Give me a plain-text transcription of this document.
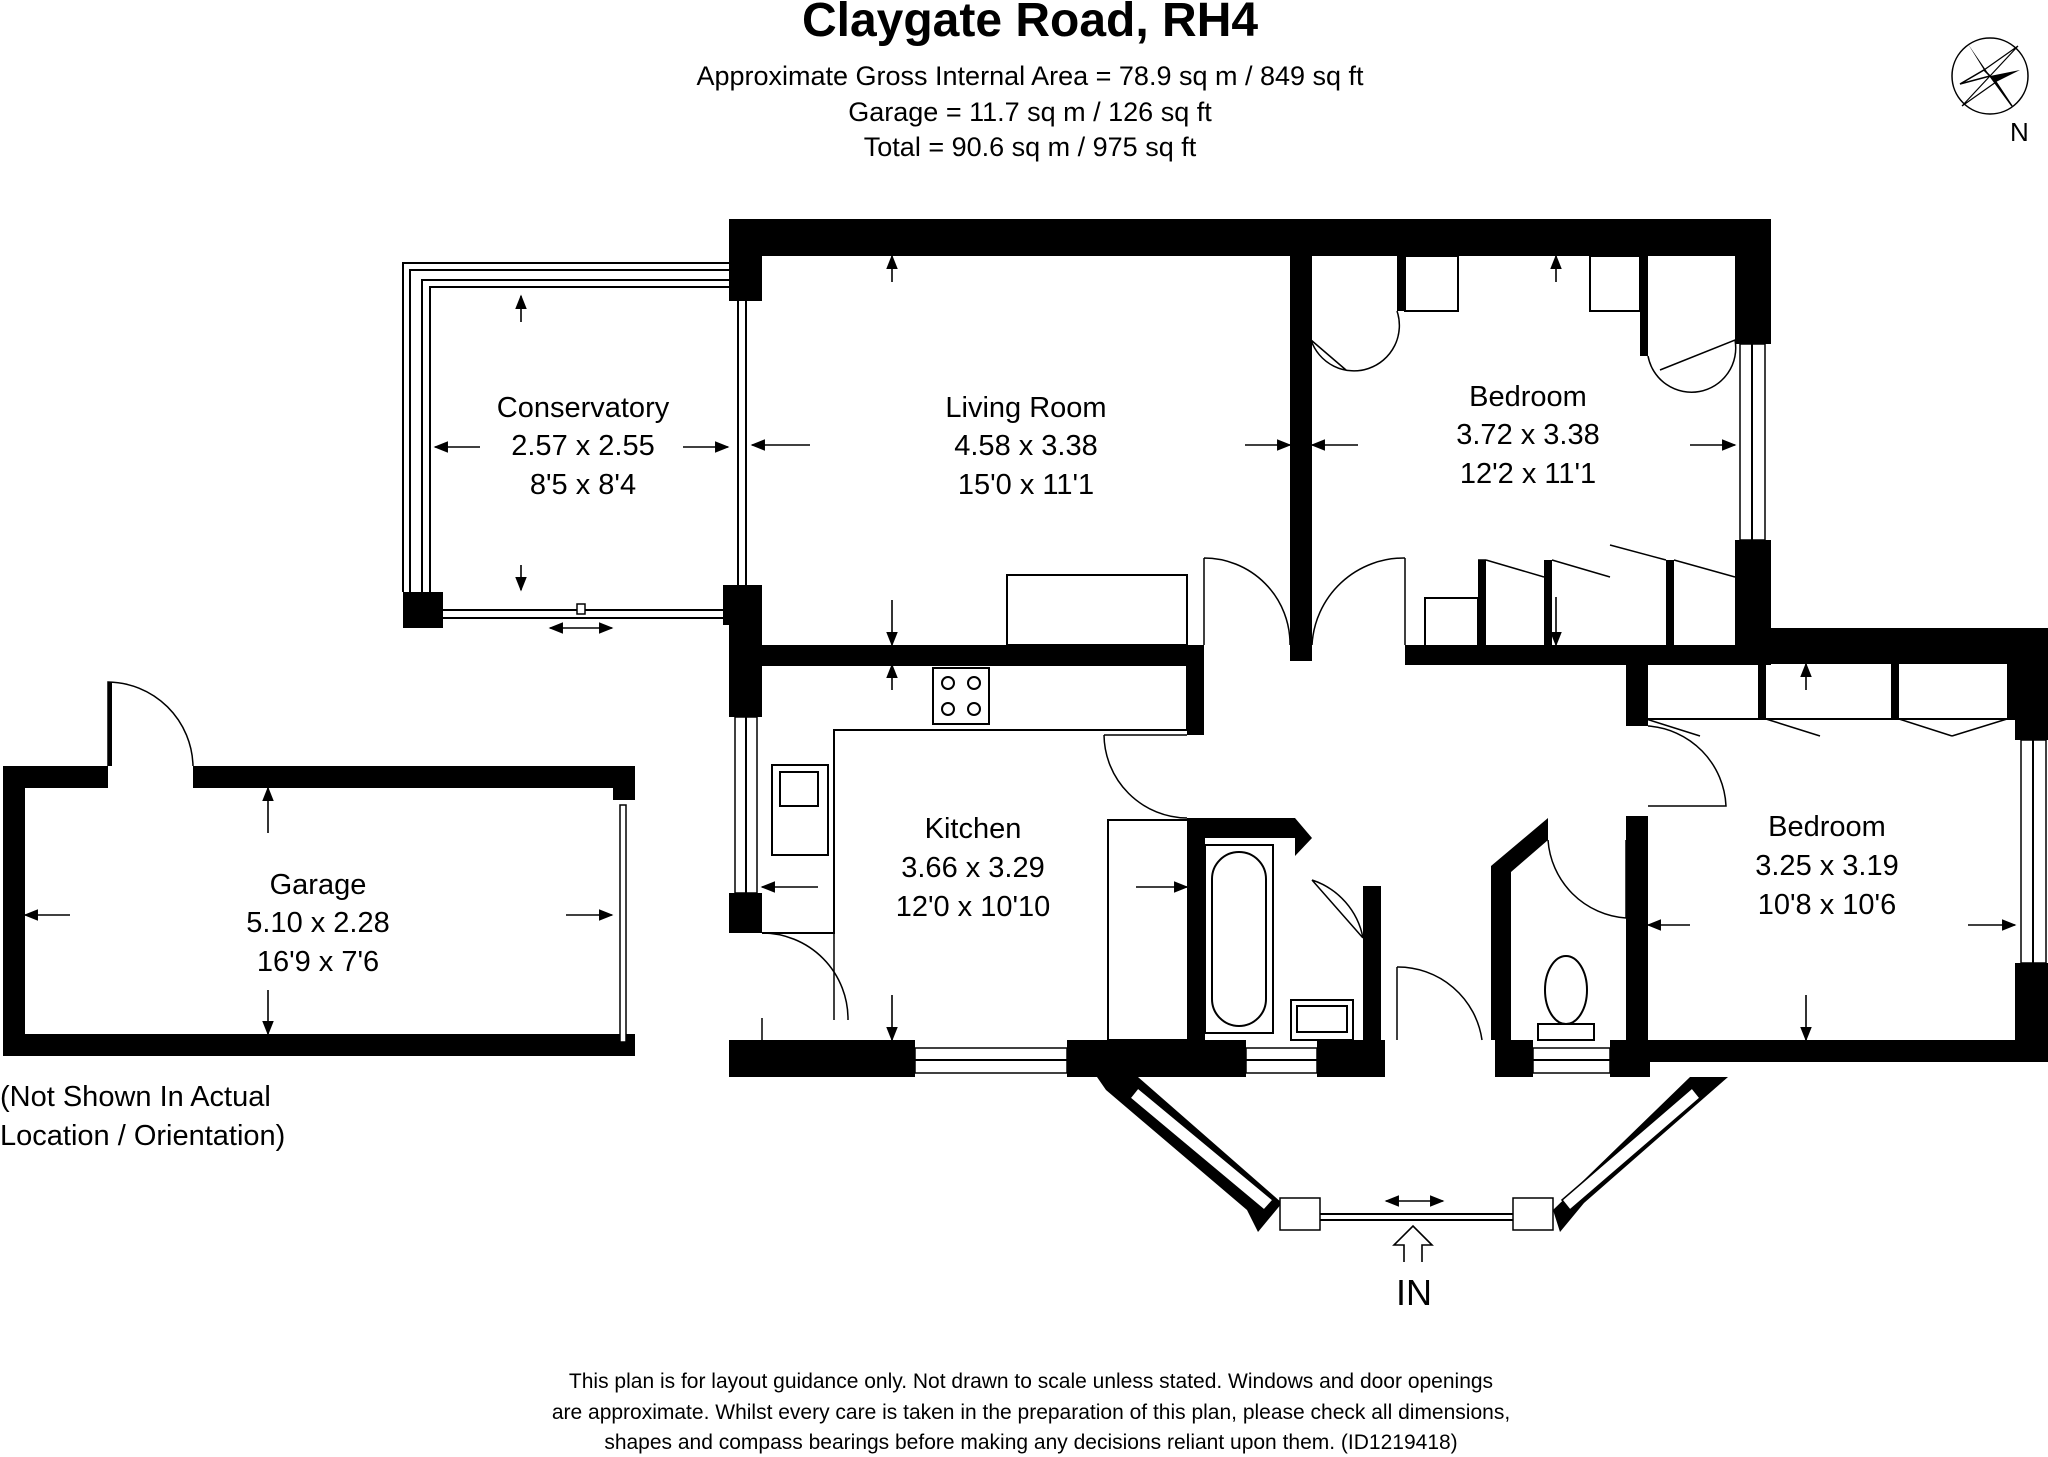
Claygate Road, RH4
Approximate Gross Internal Area = 78.9 sq m / 849 sq ft
Garage = 11.7 sq m / 126 sq ft
Total = 90.6 sq m / 975 sq ft	N
Conservatory
2.57 x 2.55
8'5 x 8'4
Living Room
4.58 x 3.38
15'0 x 11'1
Bedroom
3.72 x 3.38
12'2 x 11'1
Kitchen
3.66 x 3.29
12'0 x 10'10
Bedroom
3.25 x 3.19
10'8 x 10'6
Garage
5.10 x 2.28
16'9 x 7'6
(Not Shown In Actual
Location / Orientation)
IN
This plan is for layout guidance only. Not drawn to scale unless stated. Windows and door openings
are approximate. Whilst every care is taken in the preparation of this plan, please check all dimensions,
shapes and compass bearings before making any decisions reliant upon them. (ID1219418)
